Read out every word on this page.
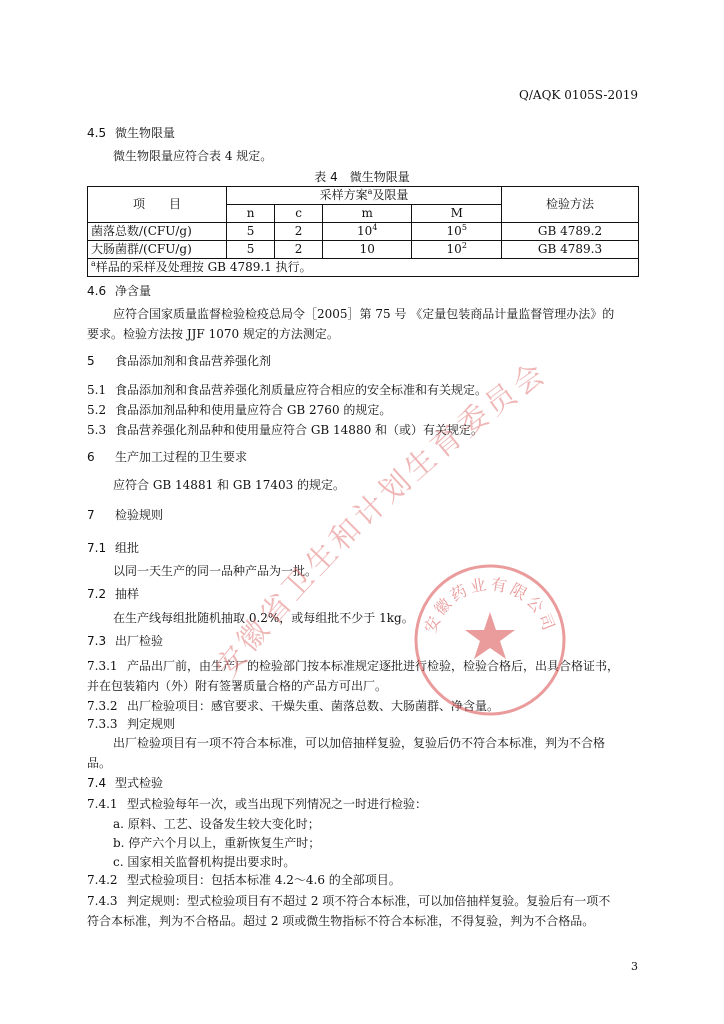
Q/AQK 0105S-2019
4.5 微生物限量
微生物限量应符合表 4 规定。
表 4　微生物限量
项　　目	采样方案$^a$及限量				检验方法
	n	c	m	M	
菌落总数/(CFU/g)	5	2	$10^4$	$10^5$	GB 4789.2
大肠菌群/(CFU/g)	5	2	10	$10^2$	GB 4789.3
$^a$样品的采样及处理按 GB 4789.1 执行。					
4.6 净含量
应符合国家质量监督检验检疫总局令［2005］第 75 号 《定量包装商品计量监督管理办法》的
要求。检验方法按 JJF 1070 规定的方法测定。
5 食品添加剂和食品营养强化剂
5.1 食品添加剂和食品营养强化剂质量应符合相应的安全标准和有关规定。
5.2 食品添加剂品种和使用量应符合 GB 2760 的规定。
5.3 食品营养强化剂品种和使用量应符合 GB 14880 和（或）有关规定。
6 生产加工过程的卫生要求
应符合 GB 14881 和 GB 17403 的规定。
7 检验规则
7.1 组批
以同一天生产的同一品种产品为一批。
7.2 抽样
在生产线每组批随机抽取 0.2%，或每组批不少于 1kg。
7.3 出厂检验
7.3.1 产品出厂前，由生产厂的检验部门按本标准规定逐批进行检验，检验合格后，出具合格证书，
并在包装箱内（外）附有签署质量合格的产品方可出厂。
7.3.2 出厂检验项目：感官要求、干燥失重、菌落总数、大肠菌群、净含量。
7.3.3 判定规则
出厂检验项目有一项不符合本标准，可以加倍抽样复验，复验后仍不符合本标准，判为不合格
品。
7.4 型式检验
7.4.1 型式检验每年一次，或当出现下列情况之一时进行检验：
a. 原料、工艺、设备发生较大变化时；
b. 停产六个月以上，重新恢复生产时；
c. 国家相关监督机构提出要求时。
7.4.2 型式检验项目：包括本标准 4.2～4.6 的全部项目。
7.4.3 判定规则：型式检验项目有不超过 2 项不符合本标准，可以加倍抽样复验。复验后有一项不
符合本标准，判为不合格品。超过 2 项或微生物指标不符合本标准，不得复验，判为不合格品。
3
安徽药业有限公司
安徽省卫生和计划生育委员会
